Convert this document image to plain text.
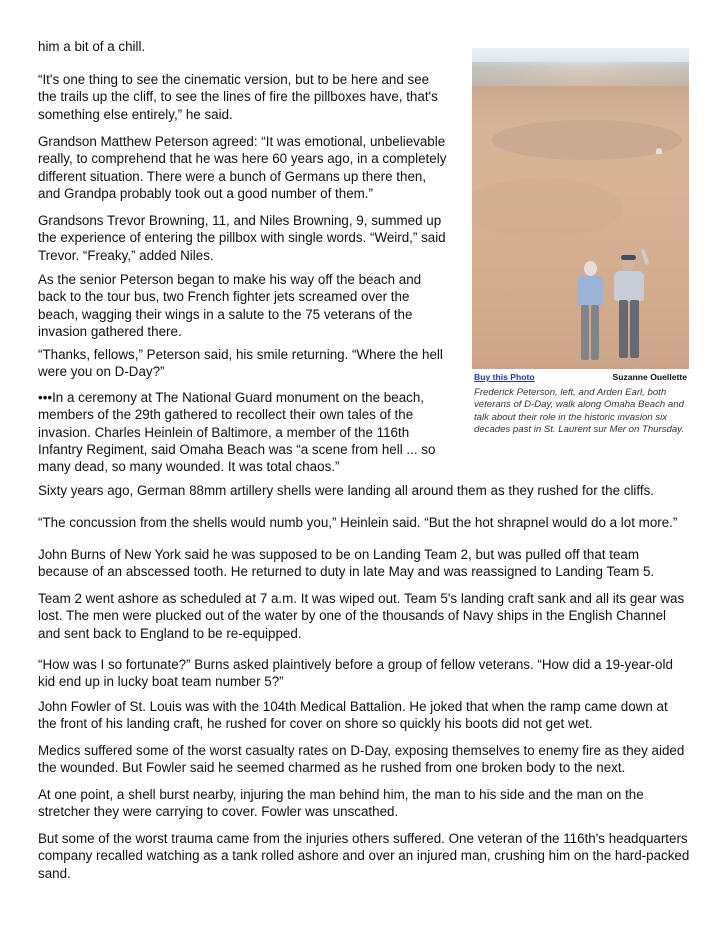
him a bit of a chill.

“It's one thing to see the cinematic version, but to be here and see the trails up the cliff, to see the lines of fire the pillboxes have, that's something else entirely,” he said.

Grandson Matthew Peterson agreed: “It was emotional, unbelievable really, to comprehend that he was here 60 years ago, in a completely different situation. There were a bunch of Germans up there then, and Grandpa probably took out a good number of them.”

Grandsons Trevor Browning, 11, and Niles Browning, 9, summed up the experience of entering the pillbox with single words. “Weird,” said Trevor. “Freaky,” added Niles.

As the senior Peterson began to make his way off the beach and back to the tour bus, two French fighter jets screamed over the beach, wagging their wings in a salute to the 75 veterans of the invasion gathered there.

“Thanks, fellows,” Peterson said, his smile returning. “Where the hell were you on D-Day?”

•••In a ceremony at The National Guard monument on the beach, members of the 29th gathered to recollect their own tales of the invasion. Charles Heinlein of Baltimore, a member of the 116th Infantry Regiment, said Omaha Beach was “a scene from hell ... so many dead, so many wounded. It was total chaos.”

Sixty years ago, German 88mm artillery shells were landing all around them as they rushed for the cliffs.

“The concussion from the shells would numb you,” Heinlein said. “But the hot shrapnel would do a lot more.”

John Burns of New York said he was supposed to be on Landing Team 2, but was pulled off that team because of an abscessed tooth. He returned to duty in late May and was reassigned to Landing Team 5.

Team 2 went ashore as scheduled at 7 a.m. It was wiped out. Team 5's landing craft sank and all its gear was lost. The men were plucked out of the water by one of the thousands of Navy ships in the English Channel and sent back to England to be re-equipped.

“How was I so fortunate?” Burns asked plaintively before a group of fellow veterans. “How did a 19-year-old kid end up in lucky boat team number 5?”

John Fowler of St. Louis was with the 104th Medical Battalion. He joked that when the ramp came down at the front of his landing craft, he rushed for cover on shore so quickly his boots did not get wet.

Medics suffered some of the worst casualty rates on D-Day, exposing themselves to enemy fire as they aided the wounded. But Fowler said he seemed charmed as he rushed from one broken body to the next.

At one point, a shell burst nearby, injuring the man behind him, the man to his side and the man on the stretcher they were carrying to cover. Fowler was unscathed.

But some of the worst trauma came from the injuries others suffered. One veteran of the 116th's headquarters company recalled watching as a tank rolled ashore and over an injured man, crushing him on the hard-packed sand.

Buy this Photo	Suzanne Ouellette

Frederick Peterson, left, and Arden Earl, both veterans of D-Day, walk along Omaha Beach and talk about their role in the historic invasion six decades past in St. Laurent sur Mer on Thursday.
